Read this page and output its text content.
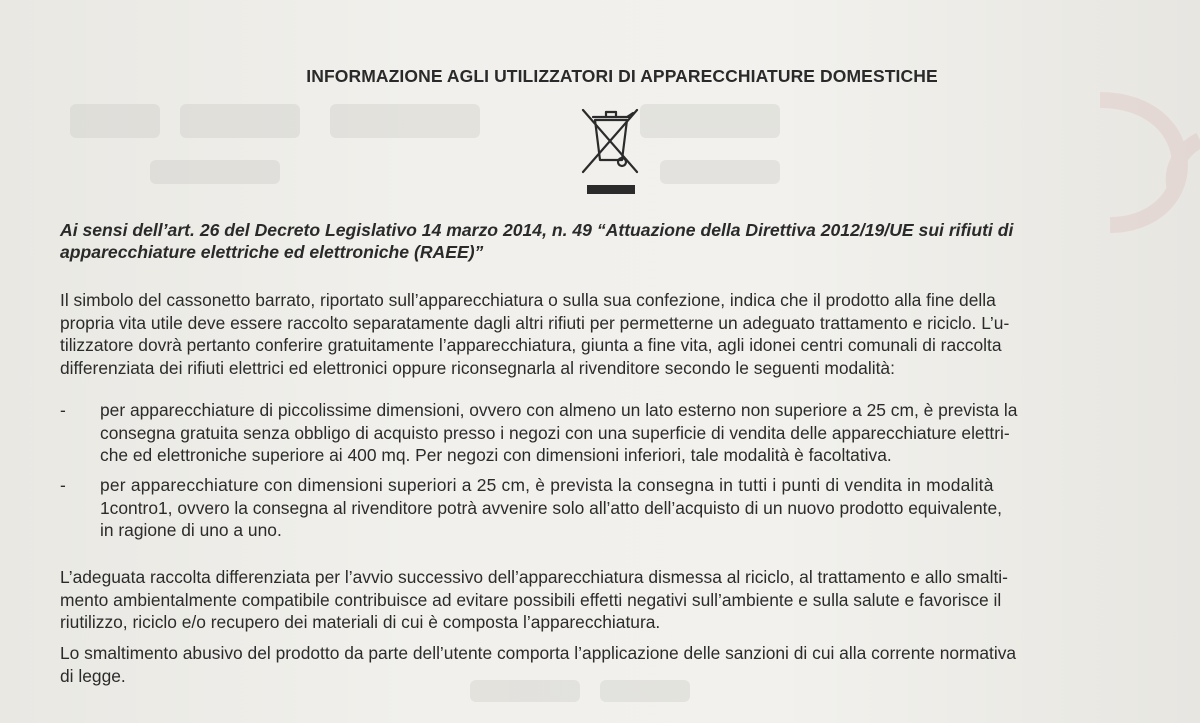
INFORMAZIONE AGLI UTILIZZATORI DI APPARECCHIATURE DOMESTICHE
Ai sensi dell’art. 26 del Decreto Legislativo 14 marzo 2014, n. 49 “Attuazione della Direttiva 2012/19/UE sui rifiuti di
apparecchiature elettriche ed elettroniche (RAEE)”
Il simbolo del cassonetto barrato, riportato sull’apparecchiatura o sulla sua confezione, indica che il prodotto alla fine della
propria vita utile deve essere raccolto separatamente dagli altri rifiuti per permetterne un adeguato trattamento e riciclo. L’u-
tilizzatore dovrà pertanto conferire gratuitamente l’apparecchiatura, giunta a fine vita, agli idonei centri comunali di raccolta
differenziata dei rifiuti elettrici ed elettronici oppure riconsegnarla al rivenditore secondo le seguenti modalità:
- per apparecchiature di piccolissime dimensioni, ovvero con almeno un lato esterno non superiore a 25 cm, è prevista la
consegna gratuita senza obbligo di acquisto presso i negozi con una superficie di vendita delle apparecchiature elettri-
che ed elettroniche superiore ai 400 mq. Per negozi con dimensioni inferiori, tale modalità è facoltativa.
- per apparecchiature con dimensioni superiori a 25 cm, è prevista la consegna in tutti i punti di vendita in modalità
1contro1, ovvero la consegna al rivenditore potrà avvenire solo all’atto dell’acquisto di un nuovo prodotto equivalente,
in ragione di uno a uno.
L’adeguata raccolta differenziata per l’avvio successivo dell’apparecchiatura dismessa al riciclo, al trattamento e allo smalti-
mento ambientalmente compatibile contribuisce ad evitare possibili effetti negativi sull’ambiente e sulla salute e favorisce il
riutilizzo, riciclo e/o recupero dei materiali di cui è composta l’apparecchiatura.
Lo smaltimento abusivo del prodotto da parte dell’utente comporta l’applicazione delle sanzioni di cui alla corrente normativa
di legge.
